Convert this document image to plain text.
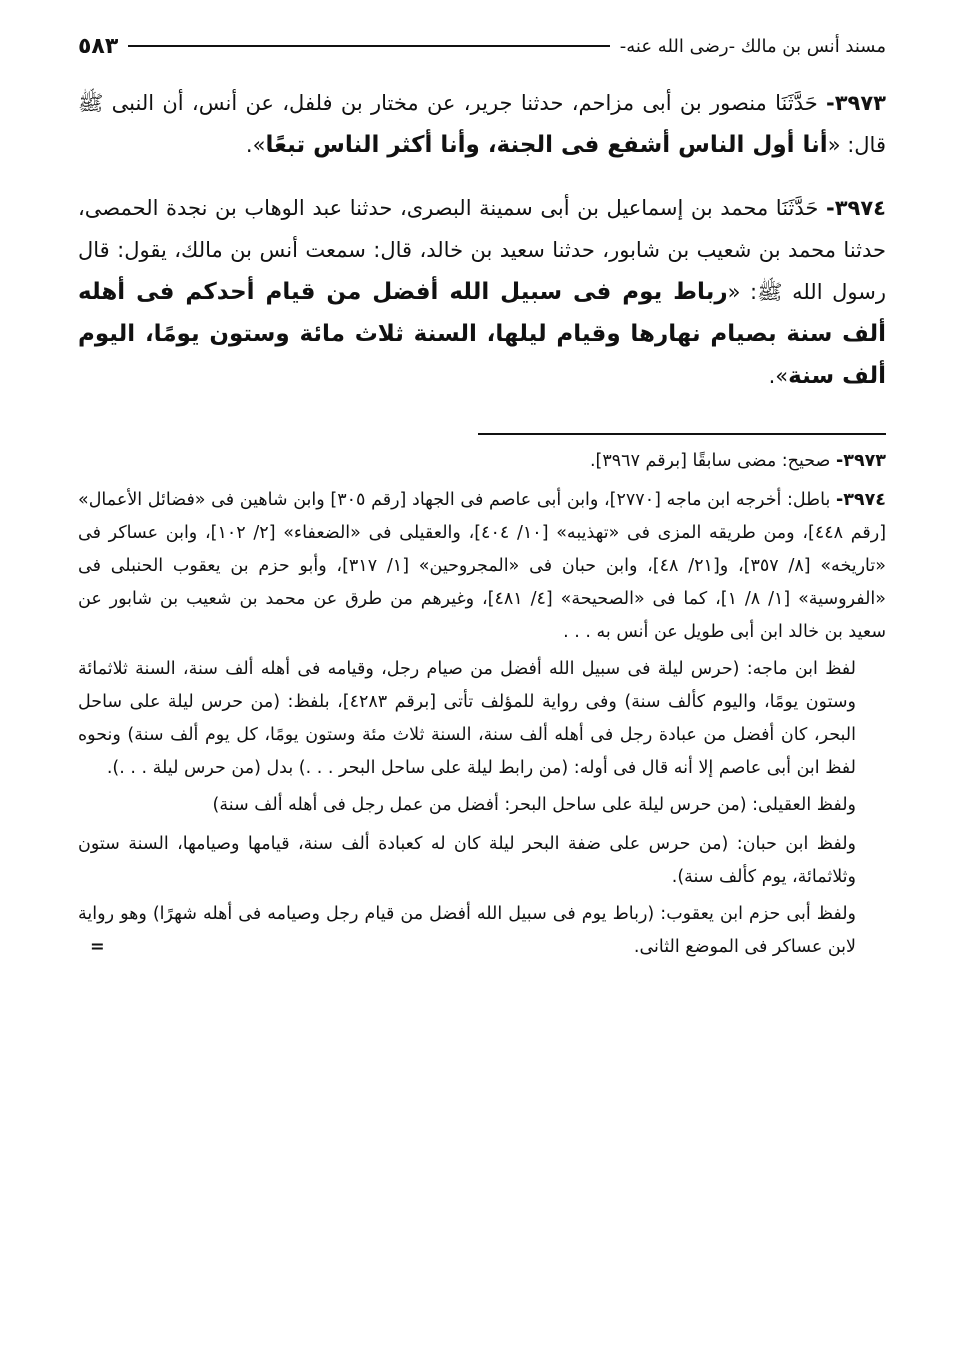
مسند أنس بن مالك -رضى الله عنه-
٥٨٣

٣٩٧٣- حَدَّثَنَا منصور بن أبى مزاحم، حدثنا جرير، عن مختار بن فلفل، عن أنس، أن النبى ﷺ قال: «أنا أول الناس أشفع فى الجنة، وأنا أكثر الناس تبعًا».

٣٩٧٤- حَدَّثَنَا محمد بن إسماعيل بن أبى سمينة البصرى، حدثنا عبد الوهاب بن نجدة الحمصى، حدثنا محمد بن شعيب بن شابور، حدثنا سعيد بن خالد، قال: سمعت أنس بن مالك، يقول: قال رسول الله ﷺ: «رباط يوم فى سبيل الله أفضل من قيام أحدكم فى أهله ألف سنة بصيام نهارها وقيام ليلها، السنة ثلاث مائة وستون يومًا، اليوم ألف سنة».

٣٩٧٣- صحيح: مضى سابقًا [برقم ٣٩٦٧].
٣٩٧٤- باطل: أخرجه ابن ماجه [٢٧٧٠]، وابن أبى عاصم فى الجهاد [رقم ٣٠٥] وابن شاهين فى «فضائل الأعمال» [رقم ٤٤٨]، ومن طريقه المزى فى «تهذيبه» [١٠/ ٤٠٤]، والعقيلى فى «الضعفاء» [٢/ ١٠٢]، وابن عساكر فى «تاريخه» [٨/ ٣٥٧]، و[٢١/ ٤٨]، وابن حبان فى «المجروحين» [١/ ٣١٧]، وأبو حزم بن يعقوب الحنبلى فى «الفروسية» [١/ ٨/ ١]، كما فى «الصحيحة» [٤/ ٤٨١]، وغيرهم من طرق عن محمد بن شعيب بن شابور عن سعيد بن خالد ابن أبى طويل عن أنس به . . .
لفظ ابن ماجه: (حرس ليلة فى سبيل الله أفضل من صيام رجل، وقيامه فى أهله ألف سنة، السنة ثلاثمائة وستون يومًا، واليوم كألف سنة) وفى رواية للمؤلف تأتى [برقم ٤٢٨٣]، بلفظ: (من حرس ليلة على ساحل البحر، كان أفضل من عبادة رجل فى أهله ألف سنة، السنة ثلاث مئة وستون يومًا، كل يوم ألف سنة) ونحوه لفظ ابن أبى عاصم إلا أنه قال فى أوله: (من رابط ليلة على ساحل البحر . . .) بدل (من حرس ليلة . . .).
ولفظ العقيلى: (من حرس ليلة على ساحل البحر: أفضل من عمل رجل فى أهله ألف سنة)
ولفظ ابن حبان: (من حرس على ضفة البحر ليلة كان له كعبادة ألف سنة، قيامها وصيامها، السنة ستون وثلاثمائة، يوم كألف سنة).
ولفظ أبى حزم ابن يعقوب: (رباط يوم فى سبيل الله أفضل من قيام رجل وصيامه فى أهله شهرًا) وهو رواية لابن عساكر فى الموضع الثانى.
=
